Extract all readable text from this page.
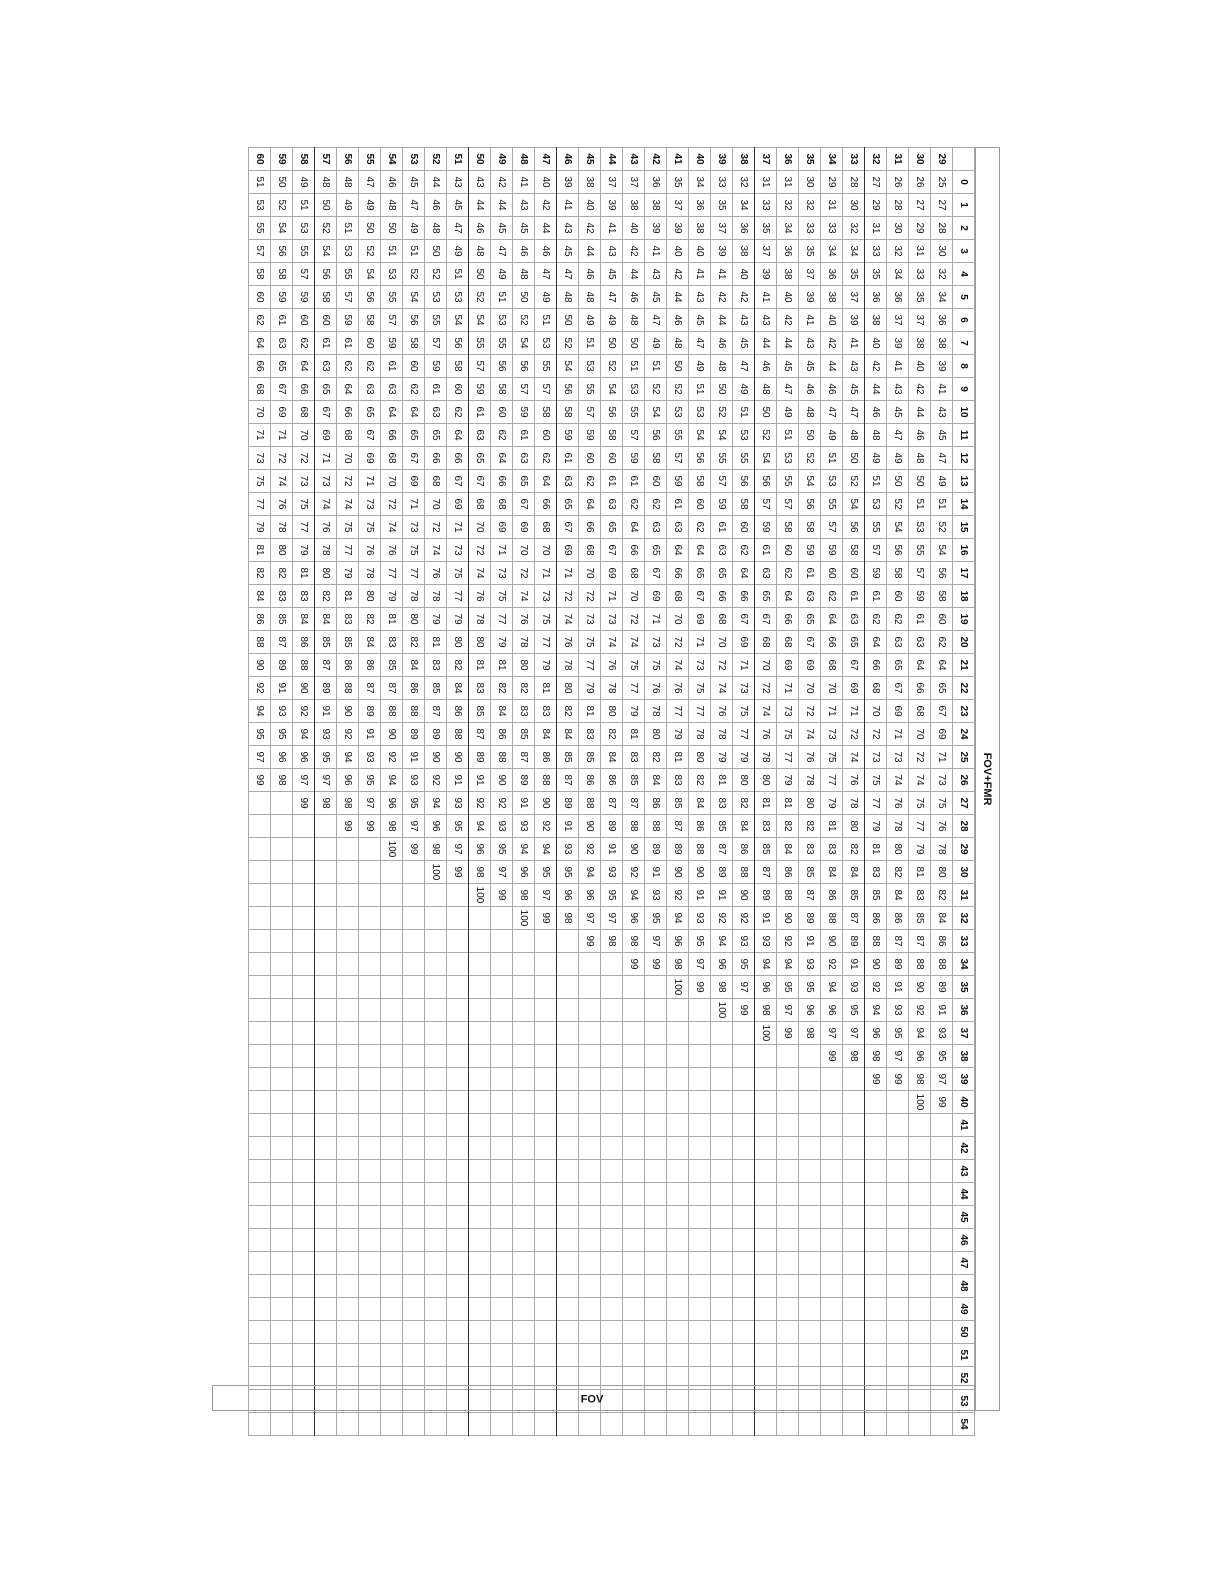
FOV+FMR
	0	1	2	3	4	5	6	7	8	9	10	11	12	13	14	15	16	17	18	19	20	21	22	23	24	25	26	27	28	29	30	31	32	33	34	35	36	37	38	39	40	41	42	43	44	45	46	47	48	49	50	51	52	53	54
29	25	27	28	30	32	34	36	38	39	41	43	45	47	49	51	52	54	56	58	60	62	64	65	67	69	71	73	75	76	78	80	82	84	86	88	89	91	93	95	97	99														
30	26	27	29	31	33	35	37	38	40	42	44	46	48	50	51	53	55	57	59	61	63	64	66	68	70	72	74	75	77	79	81	83	85	87	88	90	92	94	96	98	100														
31	26	28	30	32	34	36	37	39	41	43	45	47	49	50	52	54	56	58	60	62	63	65	67	69	71	73	74	76	78	80	82	84	86	87	89	91	93	95	97	99															
32	27	29	31	33	35	36	38	40	42	44	46	48	49	51	53	55	57	59	61	62	64	66	68	70	72	73	75	77	79	81	83	85	86	88	90	92	94	96	98	99															
33	28	30	32	34	35	37	39	41	43	45	47	48	50	52	54	56	58	60	61	63	65	67	69	71	72	74	76	78	80	82	84	85	87	89	91	93	95	97	98																
34	29	31	33	34	36	38	40	42	44	46	47	49	51	53	55	57	59	60	62	64	66	68	70	71	73	75	77	79	81	83	84	86	88	90	92	94	96	97	99																
35	30	32	33	35	37	39	41	43	45	46	48	50	52	54	56	58	59	61	63	65	67	69	70	72	74	76	78	80	82	83	85	87	89	91	93	95	96	98																	
36	31	32	34	36	38	40	42	44	45	47	49	51	53	55	57	58	60	62	64	66	68	69	71	73	75	77	79	81	82	84	86	88	90	92	94	95	97	99																	
37	31	33	35	37	39	41	43	44	46	48	50	52	54	56	57	59	61	63	65	67	68	70	72	74	76	78	80	81	83	85	87	89	91	93	94	96	98	100																	
38	32	34	36	38	40	42	43	45	47	49	51	53	55	56	58	60	62	64	66	67	69	71	73	75	77	79	80	82	84	86	88	90	92	93	95	97	99																		
39	33	35	37	39	41	42	44	46	48	50	52	54	55	57	59	61	63	65	66	68	70	72	74	76	78	79	81	83	85	87	89	91	92	94	96	98	100																		
40	34	36	38	40	41	43	45	47	49	51	53	54	56	58	60	62	64	65	67	69	71	73	75	77	78	80	82	84	86	88	90	91	93	95	97	99																			
41	35	37	39	40	42	44	46	48	50	52	53	55	57	59	61	63	64	66	68	70	72	74	76	77	79	81	83	85	87	89	90	92	94	96	98	100																			
42	36	38	39	41	43	45	47	49	51	52	54	56	58	60	62	63	65	67	69	71	73	75	76	78	80	82	84	86	88	89	91	93	95	97	99																				
43	37	38	40	42	44	46	48	50	51	53	55	57	59	61	62	64	66	68	70	72	74	75	77	79	81	83	85	87	88	90	92	94	96	98	99																				
44	37	39	41	43	45	47	49	50	52	54	56	58	60	61	63	65	67	69	71	73	74	76	78	80	82	84	86	87	89	91	93	95	97	98																					
45	38	40	42	44	46	48	49	51	53	55	57	59	60	62	64	66	68	70	72	73	75	77	79	81	83	85	86	88	90	92	94	96	97	99																					
46	39	41	43	45	47	48	50	52	54	56	58	59	61	63	65	67	69	71	72	74	76	78	80	82	84	85	87	89	91	93	95	96	98																						
47	40	42	44	46	47	49	51	53	55	57	58	60	62	64	66	68	70	71	73	75	77	79	81	83	84	86	88	90	92	94	95	97	99																						
48	41	43	45	46	48	50	52	54	56	57	59	61	63	65	67	69	70	72	74	76	78	80	82	83	85	87	89	91	93	94	96	98	100																						
49	42	44	45	47	49	51	53	55	56	58	60	62	64	66	68	69	71	73	75	77	79	81	82	84	86	88	90	92	93	95	97	99																							
50	43	44	46	48	50	52	54	55	57	59	61	63	65	67	68	70	72	74	76	78	80	81	83	85	87	89	91	92	94	96	98	100																							
51	43	45	47	49	51	53	54	56	58	60	62	64	66	67	69	71	73	75	77	79	80	82	84	86	88	90	91	93	95	97	99																								
52	44	46	48	50	52	53	55	57	59	61	63	65	66	68	70	72	74	76	78	79	81	83	85	87	89	90	92	94	96	98	100																								
53	45	47	49	51	52	54	56	58	60	62	64	65	67	69	71	73	75	77	78	80	82	84	86	88	89	91	93	95	97	99																									
54	46	48	50	51	53	55	57	59	61	63	64	66	68	70	72	74	76	77	79	81	83	85	87	88	90	92	94	96	98	100																									
55	47	49	50	52	54	56	58	60	62	63	65	67	69	71	73	75	76	78	80	82	84	86	87	89	91	93	95	97	99																										
56	48	49	51	53	55	57	59	61	62	64	66	68	70	72	74	75	77	79	81	83	85	86	88	90	92	94	96	98	99																										
57	48	50	52	54	56	58	60	61	63	65	67	69	71	73	74	76	78	80	82	84	85	87	89	91	93	95	97	98																											
58	49	51	53	55	57	59	60	62	64	66	68	70	72	73	75	77	79	81	83	84	86	88	90	92	94	96	97	99																											
59	50	52	54	56	58	59	61	63	65	67	69	71	72	74	76	78	80	82	83	85	87	89	91	93	95	96	98																												
60	51	53	55	57	58	60	62	64	66	68	70	71	73	75	77	79	81	82	84	86	88	90	92	94	95	97	99																												
FOV
